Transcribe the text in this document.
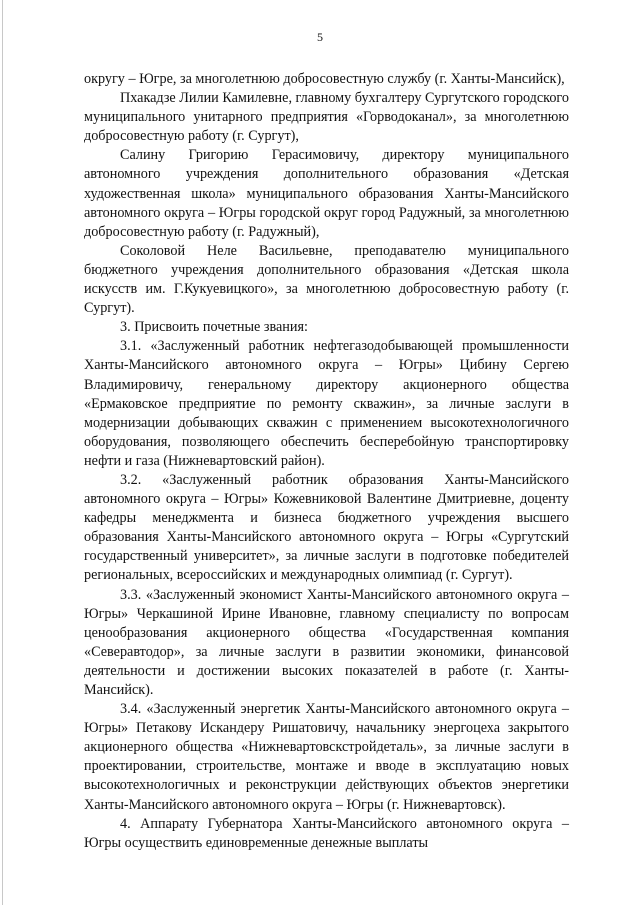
5

округу – Югре, за многолетнюю добросовестную службу (г. Ханты-Мансийск),

Пхакадзе Лилии Камилевне, главному бухгалтеру Сургутского городского муниципального унитарного предприятия «Горводоканал», за многолетнюю добросовестную работу (г. Сургут),

Салину Григорию Герасимовичу, директору муниципального автономного учреждения дополнительного образования «Детская художественная школа» муниципального образования Ханты-Мансийского автономного округа – Югры городской округ город Радужный, за многолетнюю добросовестную работу (г. Радужный),

Соколовой Неле Васильевне, преподавателю муниципального бюджетного учреждения дополнительного образования «Детская школа искусств им. Г.Кукуевицкого», за многолетнюю добросовестную работу (г. Сургут).

3. Присвоить почетные звания:

3.1. «Заслуженный работник нефтегазодобывающей промышленности Ханты-Мансийского автономного округа – Югры» Цибину Сергею Владимировичу, генеральному директору акционерного общества «Ермаковское предприятие по ремонту скважин», за личные заслуги в модернизации добывающих скважин с применением высокотехнологичного оборудования, позволяющего обеспечить бесперебойную транспортировку нефти и газа (Нижневартовский район).

3.2. «Заслуженный работник образования Ханты-Мансийского автономного округа – Югры» Кожевниковой Валентине Дмитриевне, доценту кафедры менеджмента и бизнеса бюджетного учреждения высшего образования Ханты-Мансийского автономного округа – Югры «Сургутский государственный университет», за личные заслуги в подготовке победителей региональных, всероссийских и международных олимпиад (г. Сургут).

3.3. «Заслуженный экономист Ханты-Мансийского автономного округа – Югры» Черкашиной Ирине Ивановне, главному специалисту по вопросам ценообразования акционерного общества «Государственная компания «Северавтодор», за личные заслуги в развитии экономики, финансовой деятельности и достижении высоких показателей в работе (г. Ханты-Мансийск).

3.4. «Заслуженный энергетик Ханты-Мансийского автономного округа – Югры» Петакову Искандеру Ришатовичу, начальнику энергоцеха закрытого акционерного общества «Нижневартовскстройдеталь», за личные заслуги в проектировании, строительстве, монтаже и вводе в эксплуатацию новых высокотехнологичных и реконструкции действующих объектов энергетики Ханты-Мансийского автономного округа – Югры (г. Нижневартовск).

4. Аппарату Губернатора Ханты-Мансийского автономного округа – Югры осуществить единовременные денежные выплаты
